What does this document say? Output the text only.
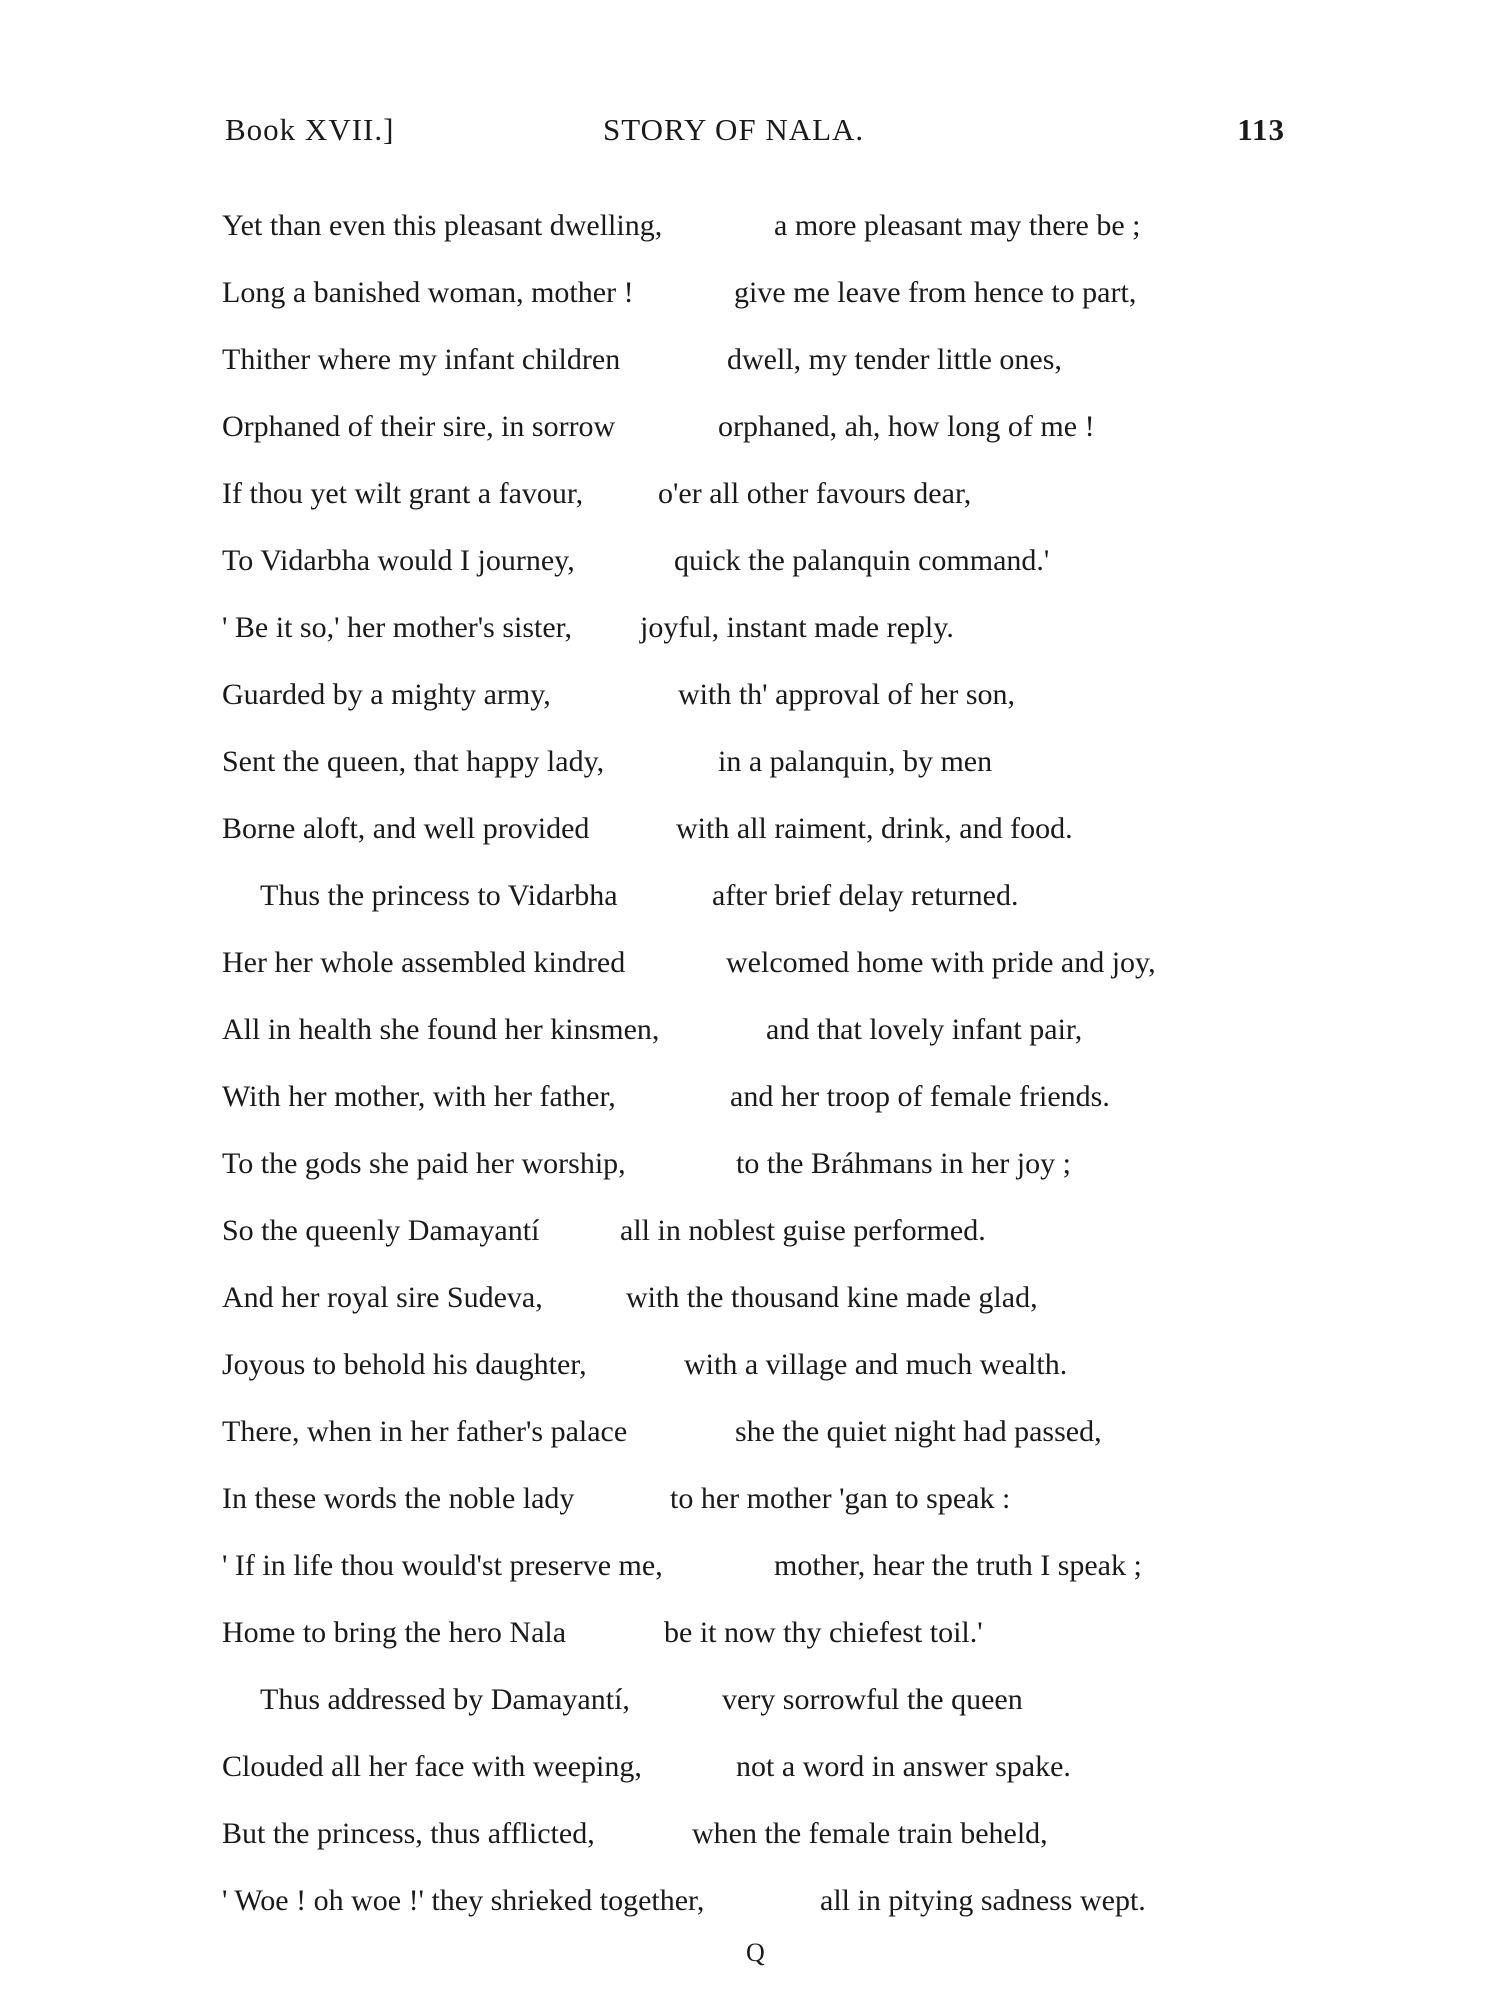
Book XVII.]	STORY OF NALA.	113
Yet than even this pleasant dwelling,	a more pleasant may there be ;
Long a banished woman, mother !	give me leave from hence to part,
Thither where my infant children	dwell, my tender little ones,
Orphaned of their sire, in sorrow	orphaned, ah, how long of me !
If thou yet wilt grant a favour, o'er all other favours dear,
To Vidarbha would I journey,	quick the palanquin command.'
' Be it so,' her mother's sister, joyful, instant made reply.
Guarded by a mighty army,	with th' approval of her son,
Sent the queen, that happy lady,	in a palanquin, by men
Borne aloft, and well provided	with all raiment, drink, and food.
Thus the princess to Vidarbha	after brief delay returned.
Her her whole assembled kindred	welcomed home with pride and joy,
All in health she found her kinsmen,	and that lovely infant pair,
With her mother, with her father,	and her troop of female friends.
To the gods she paid her worship,	to the Bráhmans in her joy ;
So the queenly Damayantí	all in noblest guise performed.
And her royal sire Sudeva,	with the thousand kine made glad,
Joyous to behold his daughter,	with a village and much wealth.
There, when in her father's palace	she the quiet night had passed,
In these words the noble lady	to her mother 'gan to speak :
' If in life thou would'st preserve me,	mother, hear the truth I speak ;
Home to bring the hero Nala	be it now thy chiefest toil.'
Thus addressed by Damayantí,	very sorrowful the queen
Clouded all her face with weeping,	not a word in answer spake.
But the princess, thus afflicted,	when the female train beheld,
' Woe ! oh woe !' they shrieked together,	all in pitying sadness wept.
Q
